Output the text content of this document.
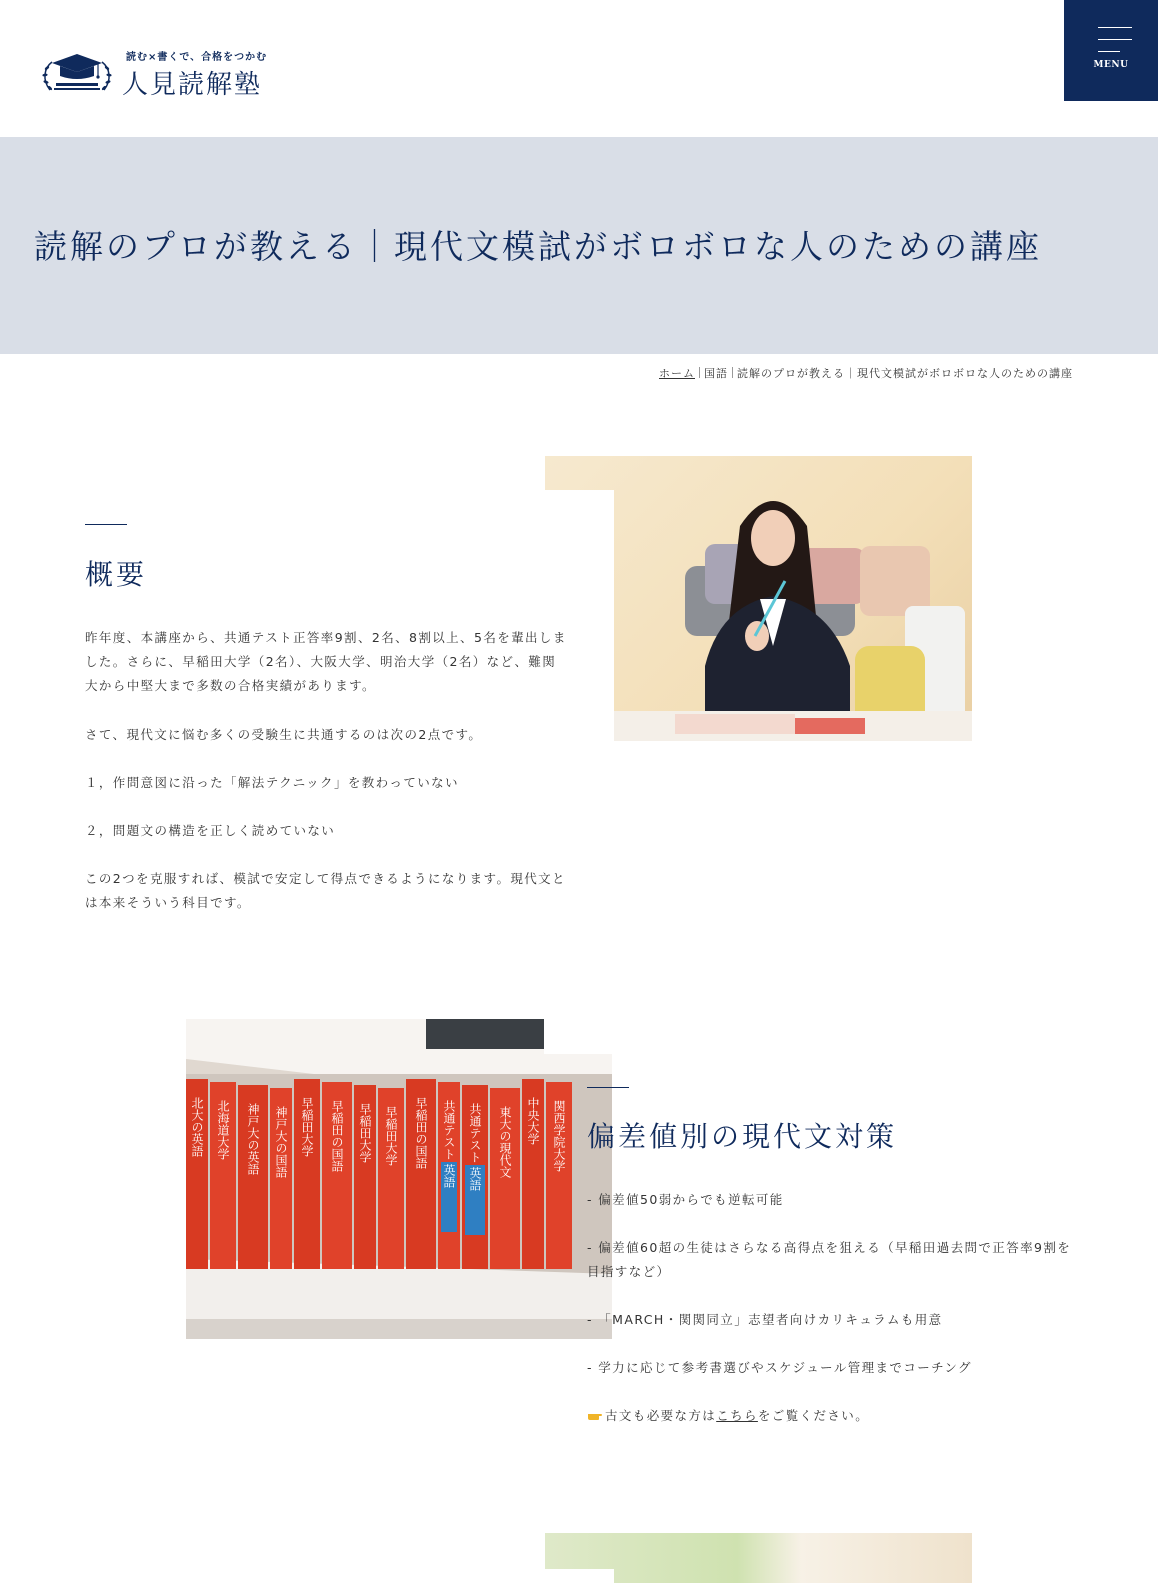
読む×書くで、合格をつかむ
人見読解塾
MENU
読解のプロが教える｜現代文模試がボロボロな人のための講座
ホーム 国語 読解のプロが教える｜現代文模試がボロボロな人のための講座
概要

昨年度、本講座から、共通テスト正答率9割、2名、8割以上、5名を輩出しました。さらに、早稲田大学（2名）、大阪大学、明治大学（2名）など、難関大から中堅大まで多数の合格実績があります。

さて、現代文に悩む多くの受験生に共通するのは次の2点です。

１，作問意図に沿った「解法テクニック」を教わっていない

２，問題文の構造を正しく読めていない

この2つを克服すれば、模試で安定して得点できるようになります。現代文とは本来そういう科目です。

北大の英語 北海道大学 神戸大の英語 神戸大の国語 早稲田大学 早稲田の国語 早稲田大学 早稲田大学 早稲田の国語 共通テスト 英語 共通テスト 英語 東大の現代文 中央大学 関西学院大学 偏差値別の現代文対策

- 偏差値50弱からでも逆転可能

- 偏差値60超の生徒はさらなる高得点を狙える（早稲田過去問で正答率9割を目指すなど）

- 「MARCH・関関同立」志望者向けカリキュラムも用意

- 学力に応じて参考書選びやスケジュール管理までコーチング

古文も必要な方はこちらをご覧ください。
